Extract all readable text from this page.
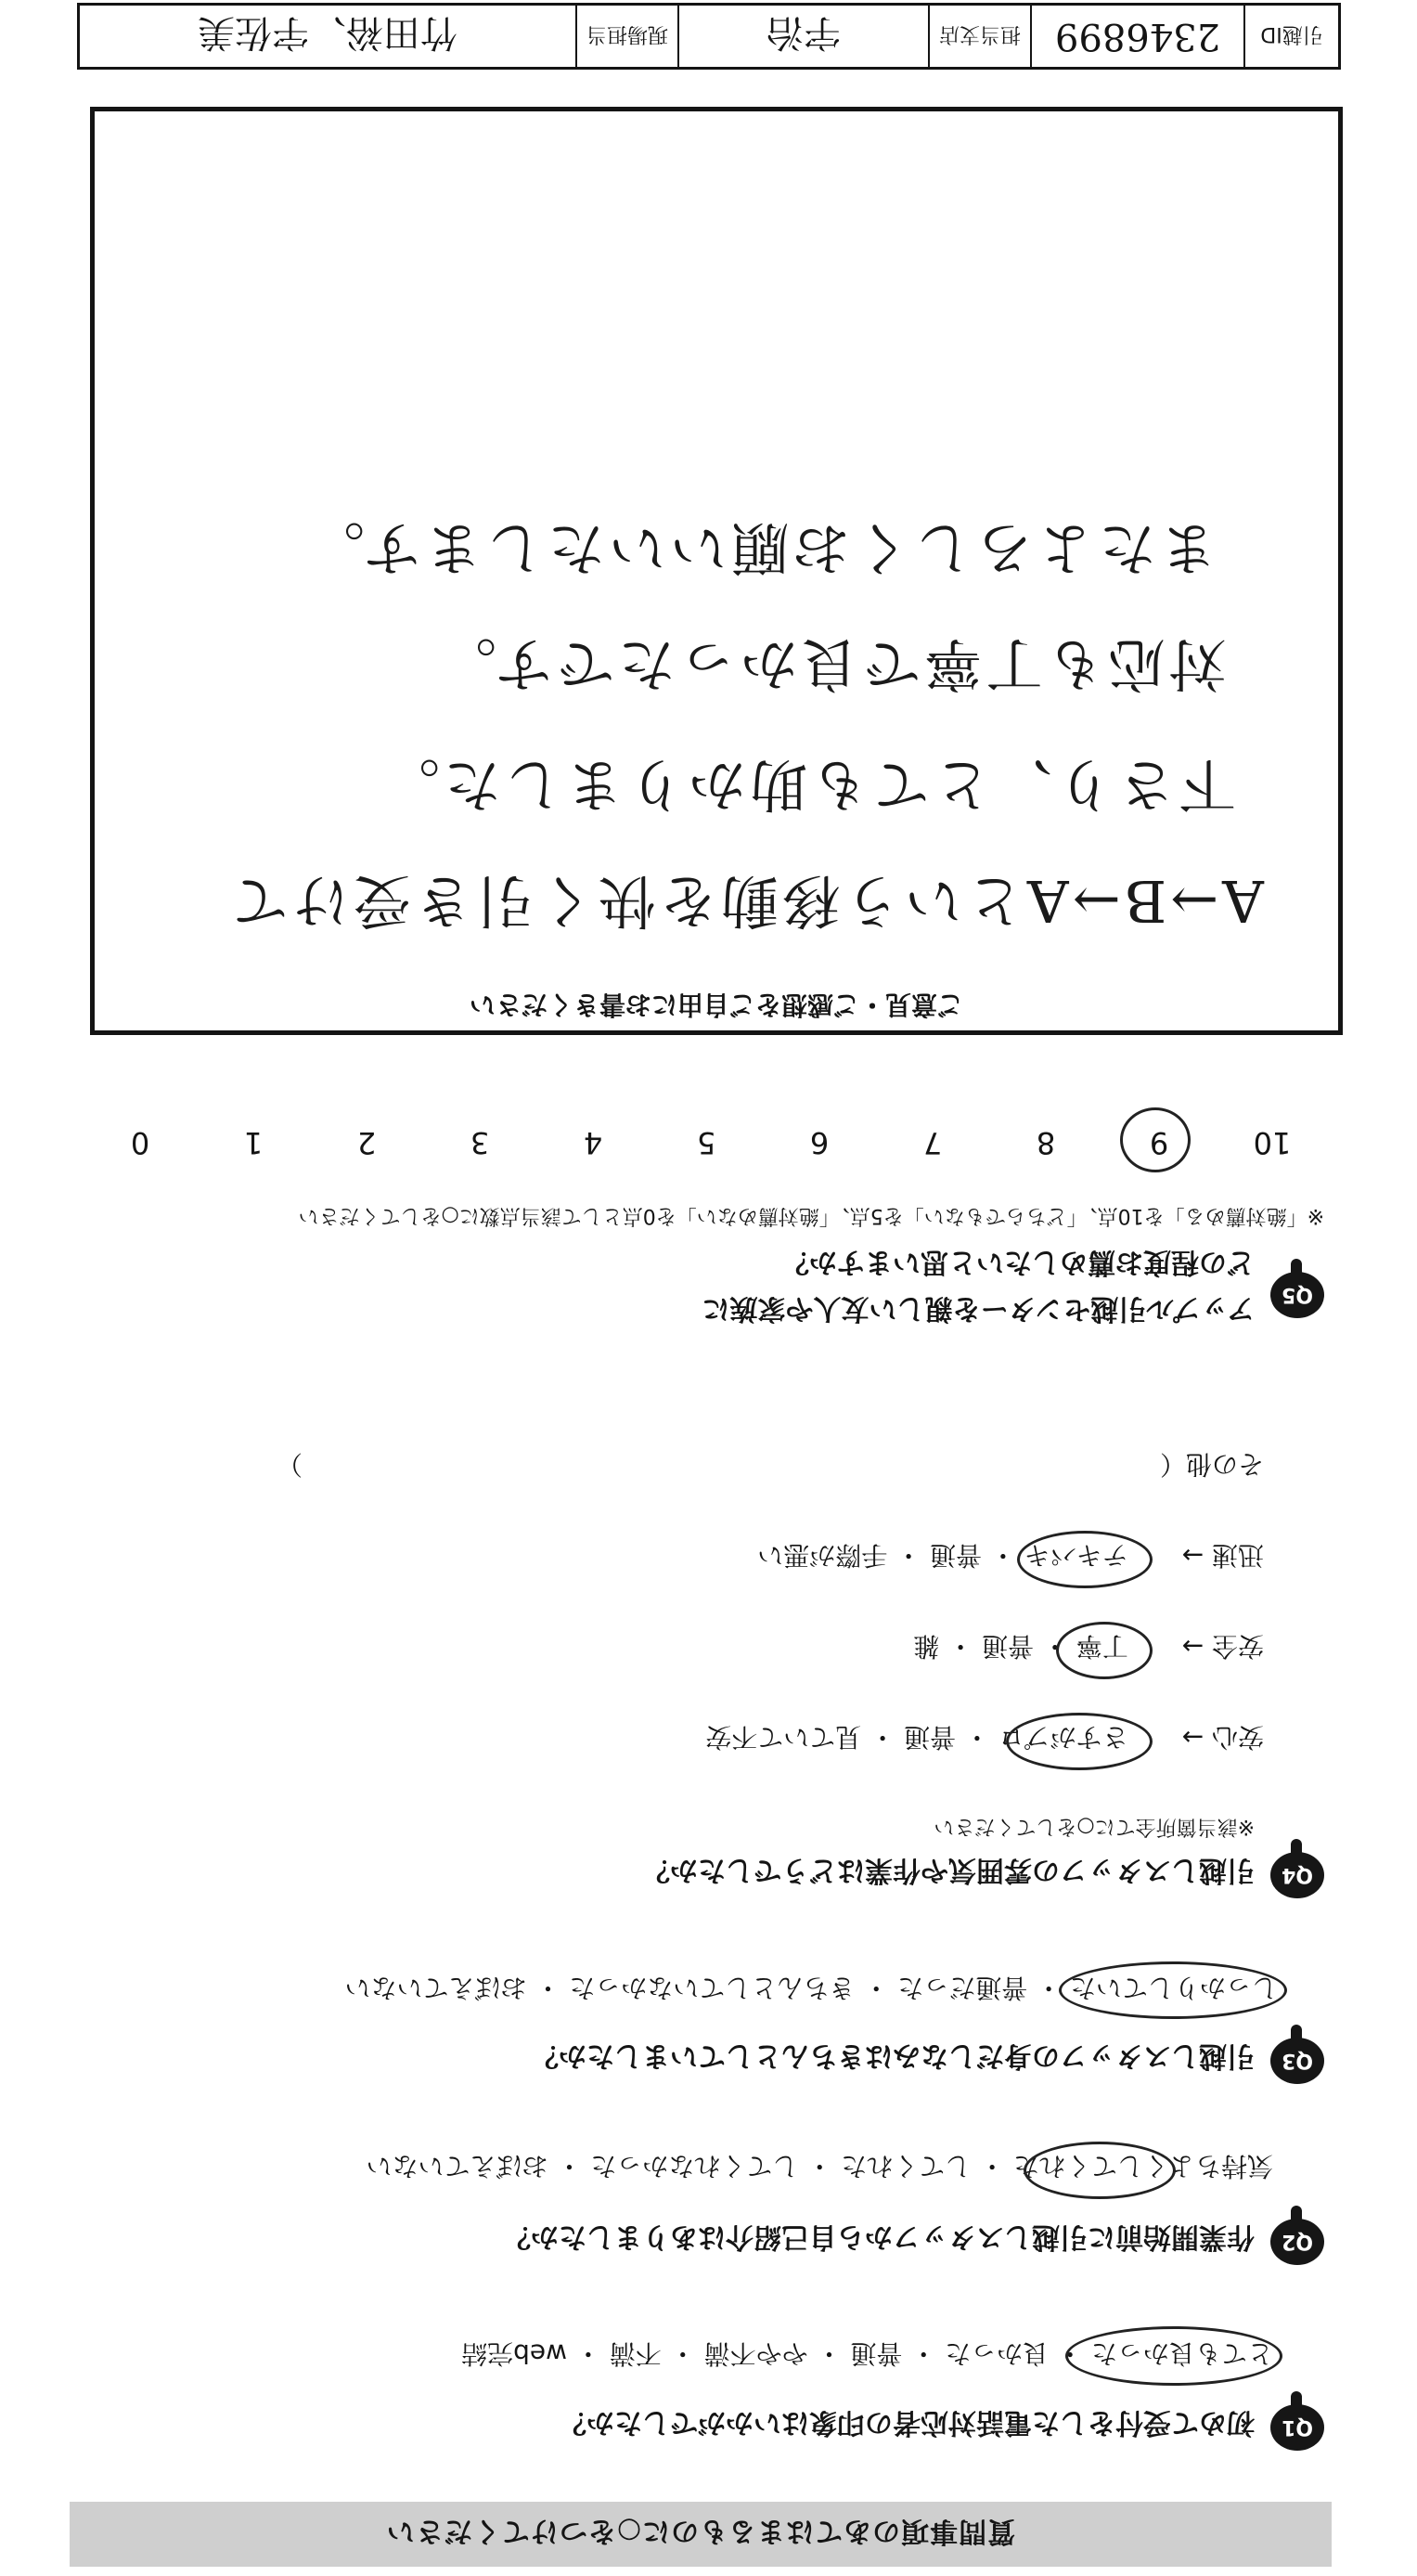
質問事項のあてはまるものに○をつけてください
Q1
初めて受付をした電話対応者の印象はいかがでしたか？
とても良かった ・ 良かった ・ 普通 ・ やや不満 ・ 不満 ・ web完結
Q2
作業開始前に引越しスタッフから自己紹介はありましたか？
気持ちよくしてくれた ・ してくれた ・ してくれなかった ・ おぼえていない
Q3
引越しスタッフの身だしなみはきちんとしていましたか？
しっかりしていた ・ 普通だった ・ きちんとしていなかった ・ おぼえていない
Q4
引越しスタッフの雰囲気や作業はどうでしたか？
※該当箇所全てに○をしてください
安心 →  さすがプロ ・ 普通 ・ 見ていて不安
安全 →  丁寧 ・ 普通 ・ 雑
迅速 →  テキパキ ・ 普通 ・ 手際が悪い
その他（　　　　　　　　　　　　　　　　　　　　　　　　　　　　　　　　　）
Q5
アップル引越センターを親しい友人や家族に
どの程度お薦めしたいと思いますか？
※「絶対薦める」を10点、「どちらでもない」を5点、「絶対薦めない」を0点として該当点数に○をしてください
10
9
8
7
6
5
4
3
2
1
0
ご意見・ご感想をご自由にお書きください
A→B→Aという移動を快く引き受けて
下さり、とても助かりました。
対応も丁寧で良かったです。
またよろしくお願いいたします。
引越ID
2346899
担当支店
宇治
現場担当
竹田裕、宇佐美
